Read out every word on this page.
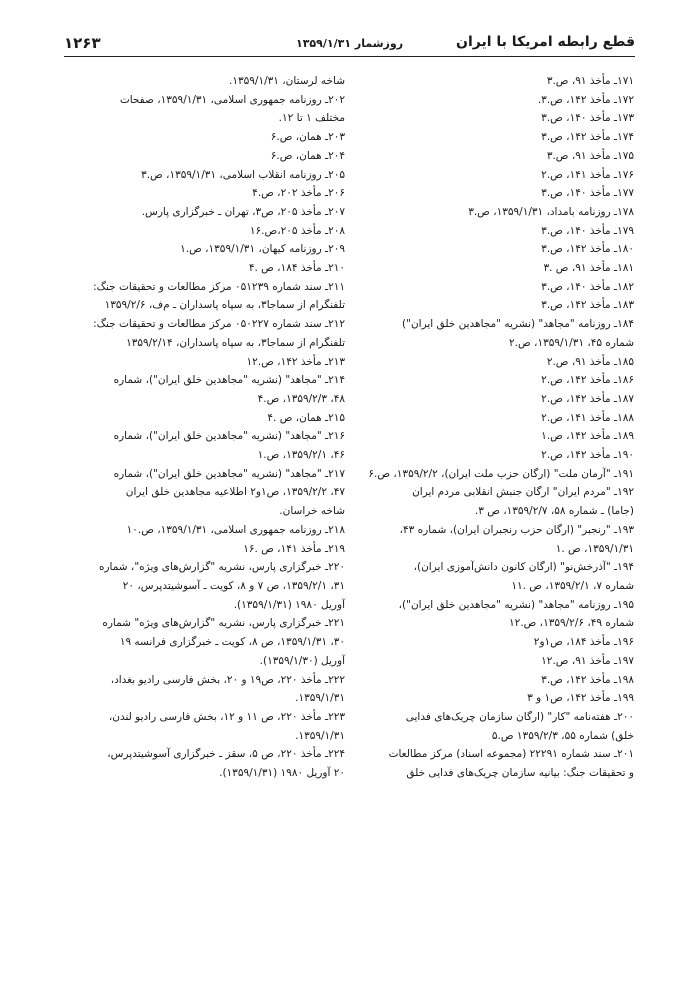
قطع رابطه امریکا با ایران
روزشمار ۱۳۵۹/۱/۳۱
۱۲۶۳

۱۷۱ـ مأخذ ۹۱، ص.۳

۱۷۲ـ مأخذ ۱۴۲، ص.۳.

۱۷۳ـ مأخذ ۱۴۰، ص.۳

۱۷۴ـ مأخذ ۱۴۲، ص.۳

۱۷۵ـ مأخذ ۹۱، ص.۳

۱۷۶ـ مأخذ ۱۴۱، ص.۲

۱۷۷ـ مأخذ ۱۴۰، ص.۳

۱۷۸ـ روزنامه بامداد، ۱۳۵۹/۱/۳۱، ص.۳

۱۷۹ـ مأخذ ۱۴۰، ص.۳

۱۸۰ـ مأخذ ۱۴۲، ص.۳

۱۸۱ـ مأخذ ۹۱، ص .۳

۱۸۲ـ مأخذ ۱۴۰، ص.۳

۱۸۳ـ مأخذ ۱۴۲، ص.۳

۱۸۴ـ روزنامه "مجاهد" (نشریه "مجاهدین خلق ایران")

شماره ۴۵، ۱۳۵۹/۱/۳۱، ص.۲

۱۸۵ـ مأخذ ۹۱، ص.۲

۱۸۶ـ مأخذ ۱۴۲، ص.۲

۱۸۷ـ مأخذ ۱۴۲، ص.۲

۱۸۸ـ مأخذ ۱۴۱، ص.۲

۱۸۹ـ مأخذ ۱۴۲، ص.۱

۱۹۰ـ مأخذ ۱۴۲، ص.۲

۱۹۱ـ "آرمان ملت" (ارگان حزب ملت ایران)، ۱۳۵۹/۲/۲، ص.۶

۱۹۲ـ "مردم ایران" ارگان جنبش انقلابی مردم ایران

(جاما) ـ شماره ۵۸، ۱۳۵۹/۲/۷، ص ۳.

۱۹۳ـ "رنجبر" (ارگان حزب رنجبران ایران)، شماره ۴۳،

۱۳۵۹/۱/۳۱، ص .۱

۱۹۴ـ "آذرخش‌نو" (ارگان کانون دانش‌آموزی ایران)،

شماره ۷، ۱۳۵۹/۲/۱، ص .۱۱

۱۹۵ـ روزنامه "مجاهد" (نشریه "مجاهدین خلق ایران")،

شماره ۴۹، ۱۳۵۹/۲/۶، ص.۱۲

۱۹۶ـ مأخذ ۱۸۴، ص۱و۲

۱۹۷ـ مأخذ ۹۱، ص.۱۲

۱۹۸ـ مأخذ ۱۴۲، ص.۳

۱۹۹ـ مأخذ ۱۴۲، ص۱ و ۳

۲۰۰ـ هفته‌نامه "کار" (ارگان سازمان چریک‌های فدایی

خلق) شماره ۵۵، ۱۳۵۹/۲/۳ ص.۵

۲۰۱ـ سند شماره ۲۲۲۹۱ (مجموعه اسناد) مرکز مطالعات

و تحقیقات جنگ: بیانیه سازمان چریک‌های فدایی خلق

شاخه لرستان، ۱۳۵۹/۱/۳۱.

۲۰۲ـ روزنامه جمهوری اسلامی، ۱۳۵۹/۱/۳۱، صفحات

مختلف ۱ تا ۱۲.

۲۰۳ـ همان، ص.۶

۲۰۴ـ همان، ص.۶

۲۰۵ـ روزنامه انقلاب اسلامی، ۱۳۵۹/۱/۳۱، ص.۳

۲۰۶ـ مأخذ ۲۰۲، ص.۴

۲۰۷ـ مأخذ ۲۰۵، ص۳، تهران ـ خبرگزاری پارس.

۲۰۸ـ مأخذ ۲۰۵،ص.۱۶

۲۰۹ـ روزنامه کیهان، ۱۳۵۹/۱/۳۱، ص.۱

۲۱۰ـ مأخذ ۱۸۴، ص .۴

۲۱۱ـ سند شماره ۰۵۱۲۳۹ مرکز مطالعات و تحقیقات جنگ:

تلفنگرام از سماجا۳، به سپاه پاسداران ـ م‌ف، ۱۳۵۹/۲/۶

۲۱۲ـ سند شماره ۰۵۰۲۲۷ مرکز مطالعات و تحقیقات جنگ:

تلفنگرام از سماجا۳، به سپاه پاسداران، ۱۳۵۹/۲/۱۴

۲۱۳ـ مأخذ ۱۴۲، ص.۱۲

۲۱۴ـ "مجاهد" (نشریه "مجاهدین خلق ایران")، شماره

۴۸، ۱۳۵۹/۲/۳، ص.۴

۲۱۵ـ همان، ص .۴

۲۱۶ـ "مجاهد" (نشریه "مجاهدین خلق ایران")، شماره

۴۶، ۱۳۵۹/۲/۱، ص.۱

۲۱۷ـ "مجاهد" (نشریه "مجاهدین خلق ایران")، شماره

۴۷، ۱۳۵۹/۲/۲، ص۱و۲ اطلاعیه مجاهدین خلق ایران

شاخه خراسان.

۲۱۸ـ روزنامه جمهوری اسلامی، ۱۳۵۹/۱/۳۱، ص.۱۰

۲۱۹ـ مأخذ ۱۴۱، ص .۱۶

۲۲۰ـ خبرگزاری پارس، نشریه "گزارش‌های ویژه"، شماره

۳۱، ۱۳۵۹/۲/۱، ص ۷ و ۸، کویت ـ آسوشیتدپرس، ۲۰

آوریل ۱۹۸۰ (۱۳۵۹/۱/۳۱).

۲۲۱ـ خبرگزاری پارس، نشریه "گزارش‌های ویژه" شماره

۳۰، ۱۳۵۹/۱/۳۱، ص ۸، کویت ـ خبرگزاری فرانسه ۱۹

آوریل (۱۳۵۹/۱/۳۰).

۲۲۲ـ مأخذ ۲۲۰، ص۱۹ و ۲۰، بخش فارسی رادیو بغداد،

۱۳۵۹/۱/۳۱.

۲۲۳ـ مأخذ ۲۲۰، ص ۱۱ و ۱۲، بخش فارسی رادیو لندن،

۱۳۵۹/۱/۳۱.

۲۲۴ـ مأخذ ۲۲۰، ص ۵، سقز ـ خبرگزاری آسوشیتدپرس،

۲۰ آوریل ۱۹۸۰ (۱۳۵۹/۱/۳۱).
